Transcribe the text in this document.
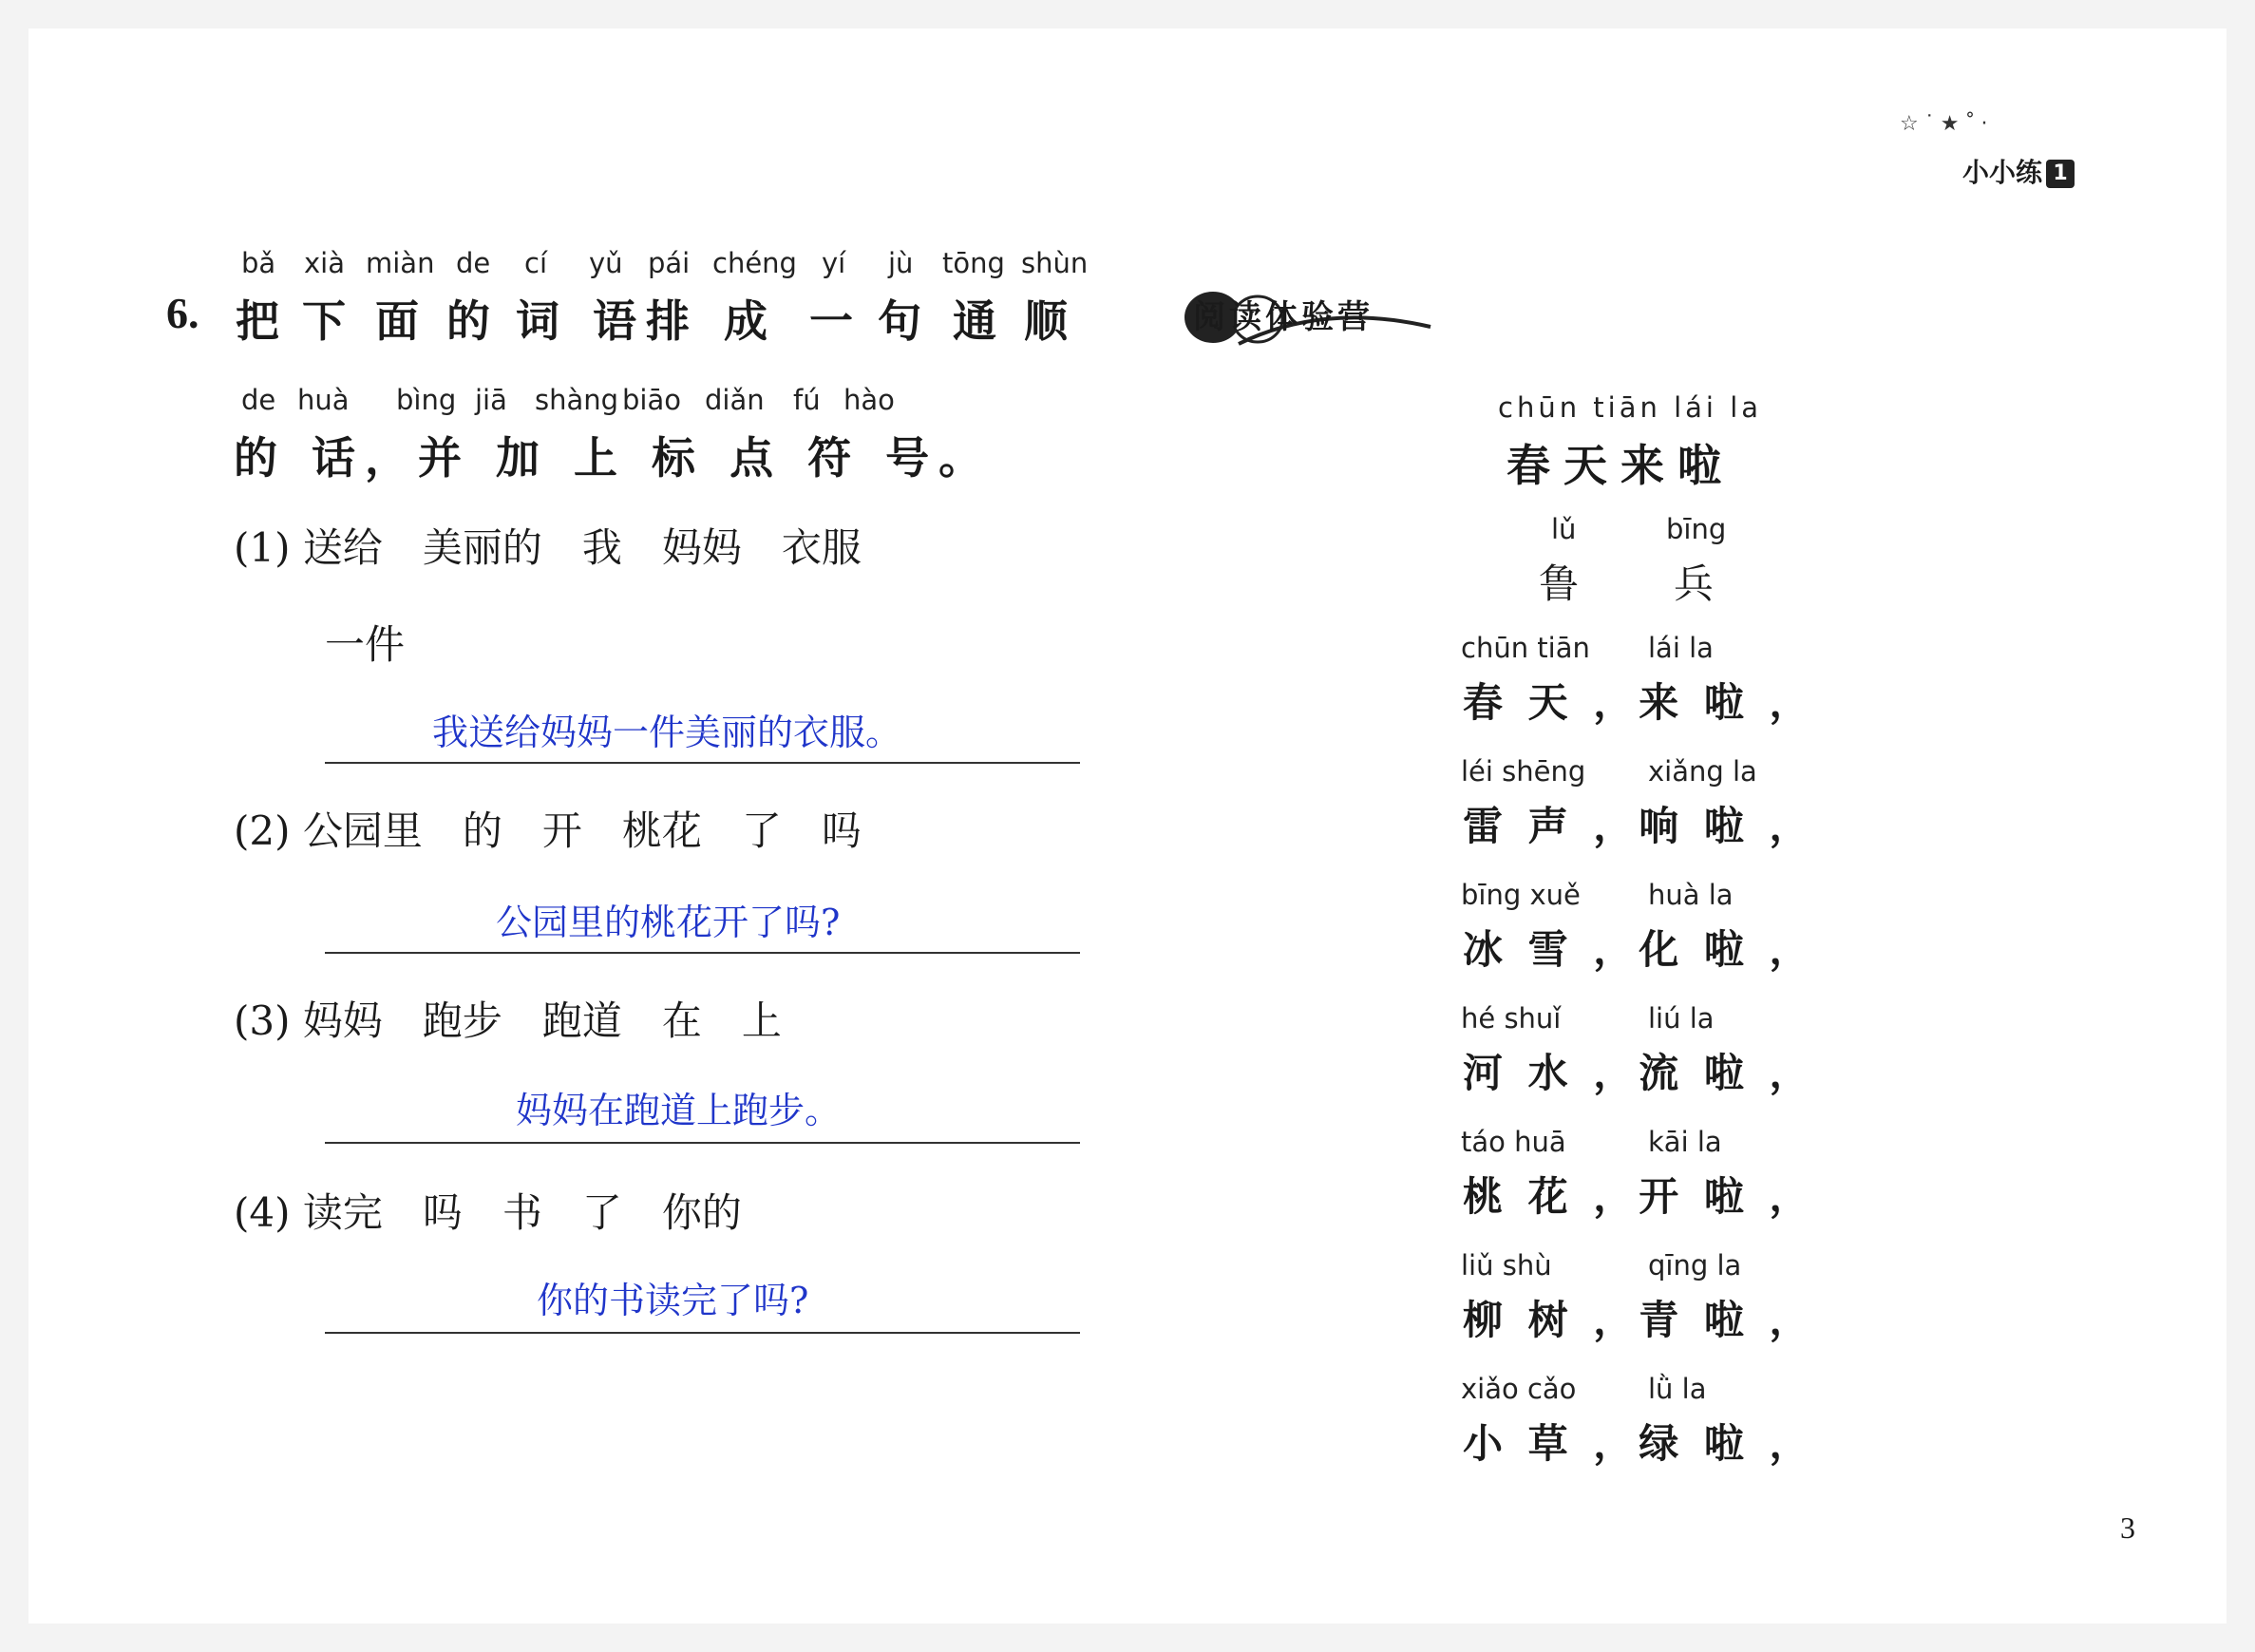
☆˙★˚·
小小练 1
bǎ xià miàn de cí yǔ pái chéng yí jù tōng shùn
6. 把 下 面 的 词 语 排 成 一 句 通 顺
de huà bìng jiā shàng biāo diǎn fú hào
的 话，并 加 上 标 点 符 号。
(1) 送给　美丽的　我　妈妈　衣服
一件
我送给妈妈一件美丽的衣服。
(2) 公园里　的　开　桃花　了　吗
公园里的桃花开了吗?
(3) 妈妈　跑步　跑道　在　上
妈妈在跑道上跑步。
(4) 读完　吗　书　了　你的
你的书读完了吗?
阅读体验营
chūn tiān lái la
春天来啦
lǔ	bīng
鲁 兵
chūn tiān lái la
春 天 ，来 啦 ，
léi shēng xiǎng la
雷 声 ，响 啦 ，
bīng xuě huà la
冰 雪 ，化 啦 ，
hé shuǐ	liú la
河 水 ，流 啦 ，
táo huā	kāi la
桃 花 ，开 啦 ，
liǔ shù	qīng la
柳 树 ，青 啦 ，
xiǎo cǎo	lǜ la
小 草 ，绿 啦 ，
3
